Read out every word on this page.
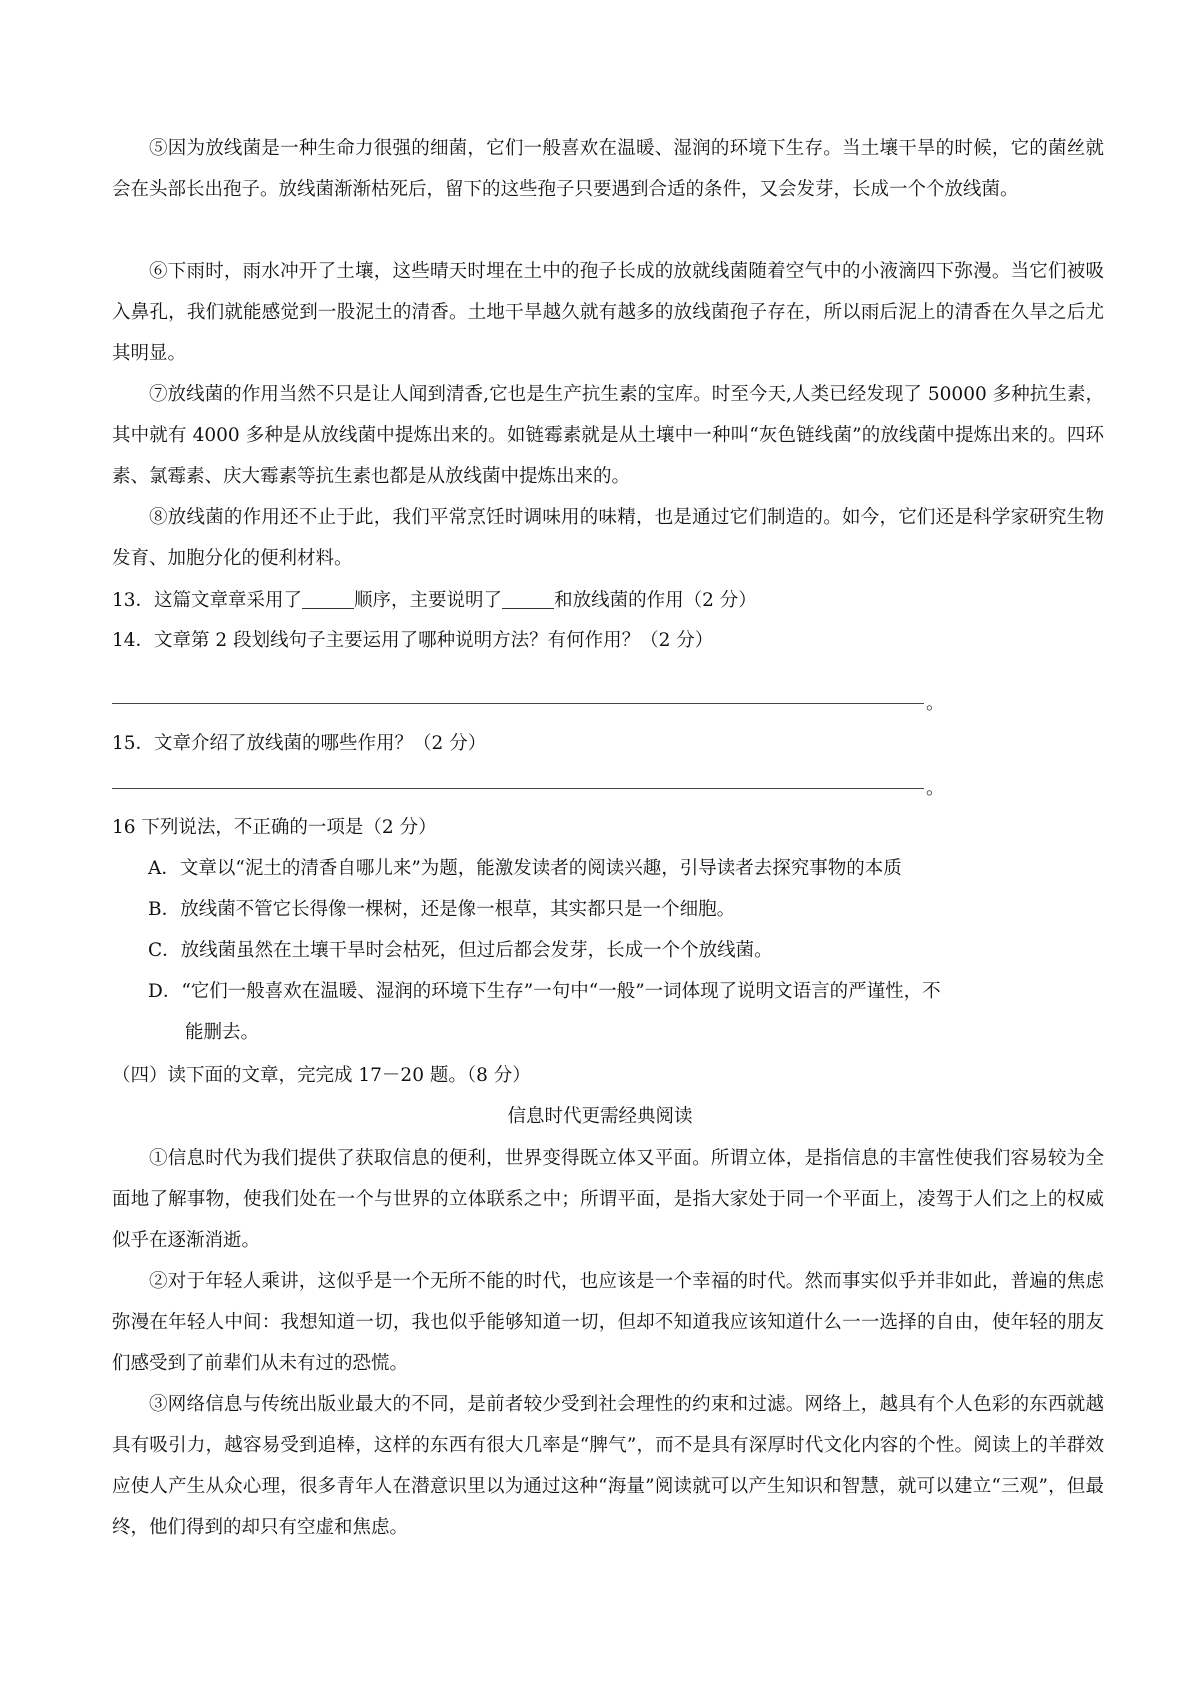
⑤因为放线菌是一种生命力很强的细菌，它们一般喜欢在温暖、湿润的环境下生存。当土壤干旱的时候，它的菌丝就会在头部长出孢子。放线菌渐渐枯死后，留下的这些孢子只要遇到合适的条件，又会发芽，长成一个个放线菌。

⑥下雨时，雨水冲开了土壤，这些晴天时埋在土中的孢子长成的放就线菌随着空气中的小液滴四下弥漫。当它们被吸入鼻孔，我们就能感觉到一股泥土的清香。土地干旱越久就有越多的放线菌孢子存在，所以雨后泥上的清香在久旱之后尤其明显。

⑦放线菌的作用当然不只是让人闻到清香,它也是生产抗生素的宝库。时至今天,人类已经发现了 50000 多种抗生素，其中就有 4000 多种是从放线菌中提炼出来的。如链霉素就是从土壤中一种叫“灰色链线菌”的放线菌中提炼出来的。四环素、氯霉素、庆大霉素等抗生素也都是从放线菌中提炼出来的。

⑧放线菌的作用还不止于此，我们平常烹饪时调味用的味精，也是通过它们制造的。如今，它们还是科学家研究生物发育、加胞分化的便利材料。

13．这篇文章章采用了	顺序，主要说明了	和放线菌的作用（2 分）

14．文章第 2 段划线句子主要运用了哪种说明方法？有何作用？（2 分）

。

15．文章介绍了放线菌的哪些作用？（2 分）

。

16 下列说法，不正确的一项是（2 分）

A．文章以“泥土的清香自哪儿来”为题，能激发读者的阅读兴趣，引导读者去探究事物的本质

B．放线菌不管它长得像一棵树，还是像一根草，其实都只是一个细胞。

C．放线菌虽然在土壤干旱时会枯死，但过后都会发芽，长成一个个放线菌。

D．“它们一般喜欢在温暖、湿润的环境下生存”一句中“一般”一词体现了说明文语言的严谨性，不
能删去。

（四）读下面的文章，完完成 17－20 题。（8 分）

信息时代更需经典阅读

①信息时代为我们提供了获取信息的便利，世界变得既立体又平面。所谓立体，是指信息的丰富性使我们容易较为全面地了解事物，使我们处在一个与世界的立体联系之中；所谓平面，是指大家处于同一个平面上，凌驾于人们之上的权威似乎在逐渐消逝。

②对于年轻人乘讲，这似乎是一个无所不能的时代，也应该是一个幸福的时代。然而事实似乎并非如此，普遍的焦虑弥漫在年轻人中间：我想知道一切，我也似乎能够知道一切，但却不知道我应该知道什么一一选择的自由，使年轻的朋友们感受到了前辈们从未有过的恐慌。

③网络信息与传统出版业最大的不同，是前者较少受到社会理性的约束和过滤。网络上，越具有个人色彩的东西就越具有吸引力，越容易受到追棒，这样的东西有很大几率是“脾气”，而不是具有深厚时代文化内容的个性。阅读上的羊群效应使人产生从众心理，很多青年人在潜意识里以为通过这种“海量”阅读就可以产生知识和智慧，就可以建立“三观”，但最终，他们得到的却只有空虚和焦虑。
